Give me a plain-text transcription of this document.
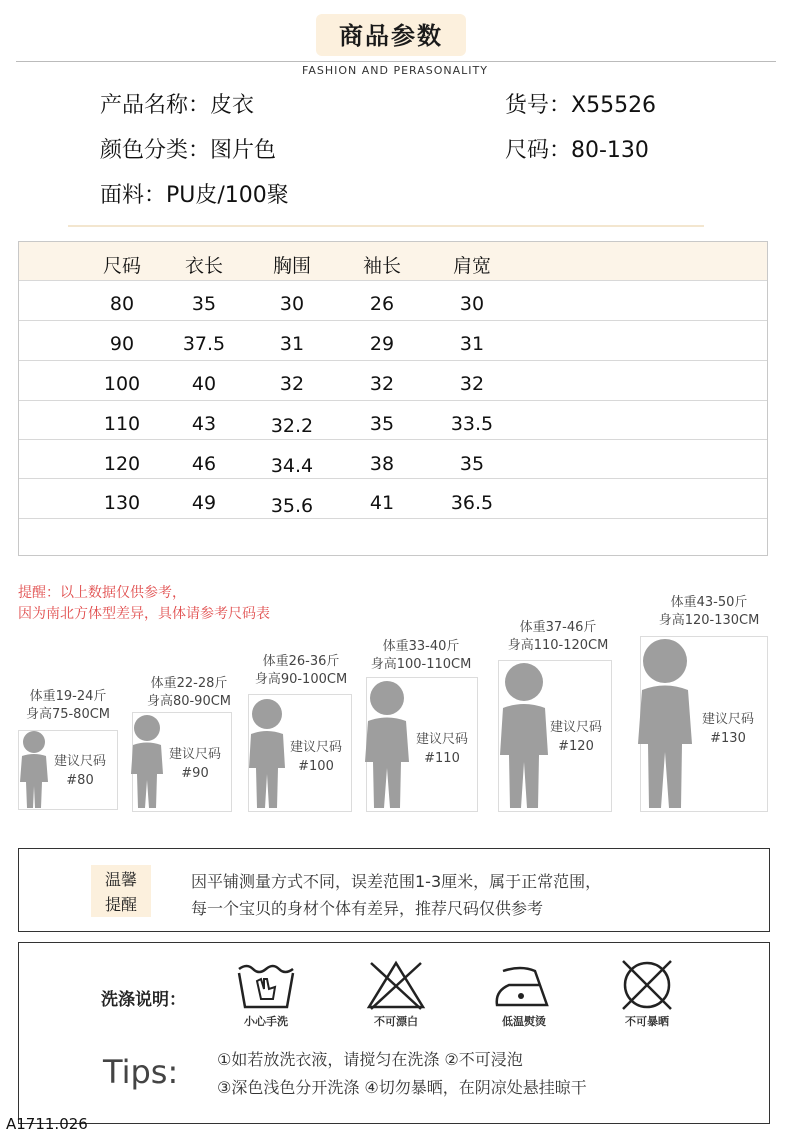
商品参数
FASHION AND PERASONALITY
产品名称：皮衣	货号：X55526
颜色分类：图片色	尺码：80-130
面料：PU皮/100聚
尺码	衣长	胸围	袖长	肩宽
80	35	30	26	30
90	37.5	31	29	31
100	40	32	32	32
110	43	32.2	35	33.5
120	46	34.4	38	35
130	49	35.6	41	36.5
提醒：以上数据仅供参考，
因为南北方体型差异，具体请参考尺码表
体重19-24斤
身高75-80CM
建议尺码
#80
体重22-28斤
身高80-90CM
建议尺码
#90
体重26-36斤
身高90-100CM
建议尺码
#100
体重33-40斤
身高100-110CM
建议尺码
#110
体重37-46斤
身高110-120CM
建议尺码
#120
体重43-50斤
身高120-130CM
建议尺码
#130
温馨
提醒
因平铺测量方式不同，误差范围1-3厘米，属于正常范围，
每一个宝贝的身材个体有差异，推荐尺码仅供参考
洗涤说明：
小心手洗	不可漂白	低温熨烫	不可暴晒
Tips: ①如若放洗衣液，请搅匀在洗涤 ②不可浸泡
③深色浅色分开洗涤 ④切勿暴晒，在阴凉处悬挂晾干
A1711.026
